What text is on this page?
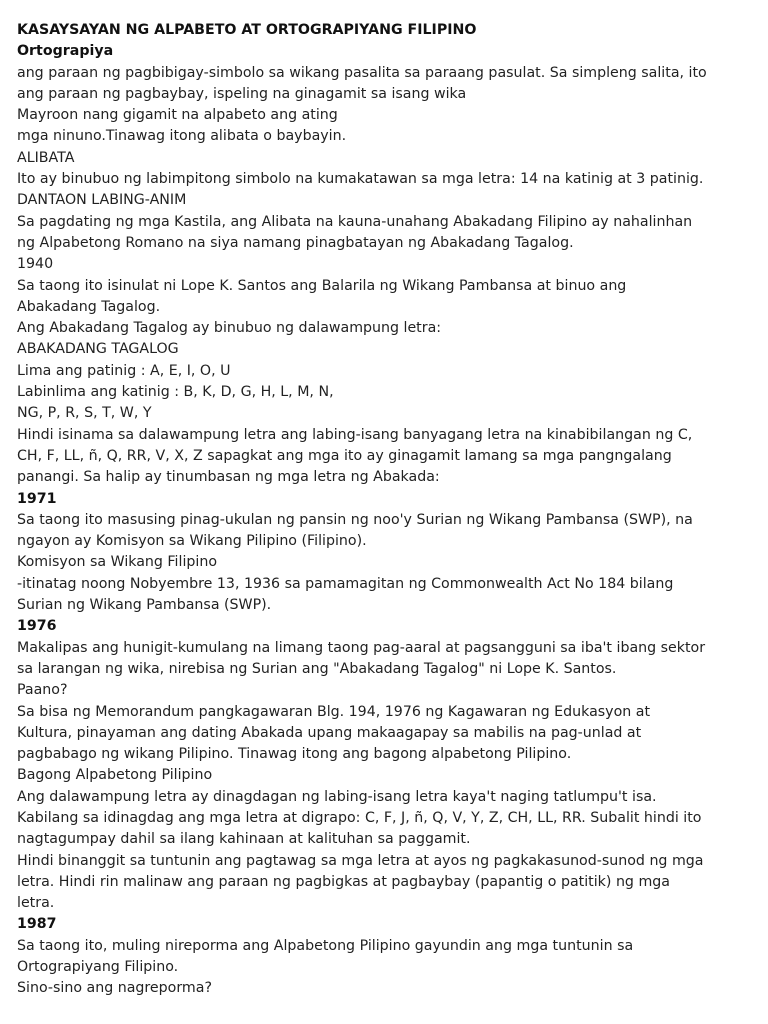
KASAYSAYAN NG ALPABETO AT ORTOGRAPIYANG FILIPINO
Ortograpiya
ang paraan ng pagbibigay-simbolo sa wikang pasalita sa paraang pasulat. Sa simpleng salita, ito
ang paraan ng pagbaybay, ispeling na ginagamit sa isang wika
Mayroon nang gigamit na alpabeto ang ating
mga ninuno.Tinawag itong alibata o baybayin.
ALIBATA
Ito ay binubuo ng labimpitong simbolo na kumakatawan sa mga letra: 14 na katinig at 3 patinig.
DANTAON LABING-ANIM
Sa pagdating ng mga Kastila, ang Alibata na kauna-unahang Abakadang Filipino ay nahalinhan
ng Alpabetong Romano na siya namang pinagbatayan ng Abakadang Tagalog.
1940
Sa taong ito isinulat ni Lope K. Santos ang Balarila ng Wikang Pambansa at binuo ang
Abakadang Tagalog.
Ang Abakadang Tagalog ay binubuo ng dalawampung letra:
ABAKADANG TAGALOG
Lima ang patinig : A, E, I, O, U
Labinlima ang katinig : B, K, D, G, H, L, M, N,
NG, P, R, S, T, W, Y
Hindi isinama sa dalawampung letra ang labing-isang banyagang letra na kinabibilangan ng C,
CH, F, LL, ñ, Q, RR, V, X, Z sapagkat ang mga ito ay ginagamit lamang sa mga pangngalang
panangi. Sa halip ay tinumbasan ng mga letra ng Abakada:
1971
Sa taong ito masusing pinag-ukulan ng pansin ng noo'y Surian ng Wikang Pambansa (SWP), na
ngayon ay Komisyon sa Wikang Pilipino (Filipino).
Komisyon sa Wikang Filipino
-itinatag noong Nobyembre 13, 1936 sa pamamagitan ng Commonwealth Act No 184 bilang
Surian ng Wikang Pambansa (SWP).
1976
Makalipas ang hunigit-kumulang na limang taong pag-aaral at pagsangguni sa iba't ibang sektor
sa larangan ng wika, nirebisa ng Surian ang "Abakadang Tagalog" ni Lope K. Santos.
Paano?
Sa bisa ng Memorandum pangkagawaran Blg. 194, 1976 ng Kagawaran ng Edukasyon at
Kultura, pinayaman ang dating Abakada upang makaagapay sa mabilis na pag-unlad at
pagbabago ng wikang Pilipino. Tinawag itong ang bagong alpabetong Pilipino.
Bagong Alpabetong Pilipino
Ang dalawampung letra ay dinagdagan ng labing-isang letra kaya't naging tatlumpu't isa.
Kabilang sa idinagdag ang mga letra at digrapo: C, F, J, ñ, Q, V, Y, Z, CH, LL, RR. Subalit hindi ito
nagtagumpay dahil sa ilang kahinaan at kalituhan sa paggamit.
Hindi binanggit sa tuntunin ang pagtawag sa mga letra at ayos ng pagkakasunod-sunod ng mga
letra. Hindi rin malinaw ang paraan ng pagbigkas at pagbaybay (papantig o patitik) ng mga
letra.
1987
Sa taong ito, muling nireporma ang Alpabetong Pilipino gayundin ang mga tuntunin sa
Ortograpiyang Filipino.
Sino-sino ang nagreporma?
